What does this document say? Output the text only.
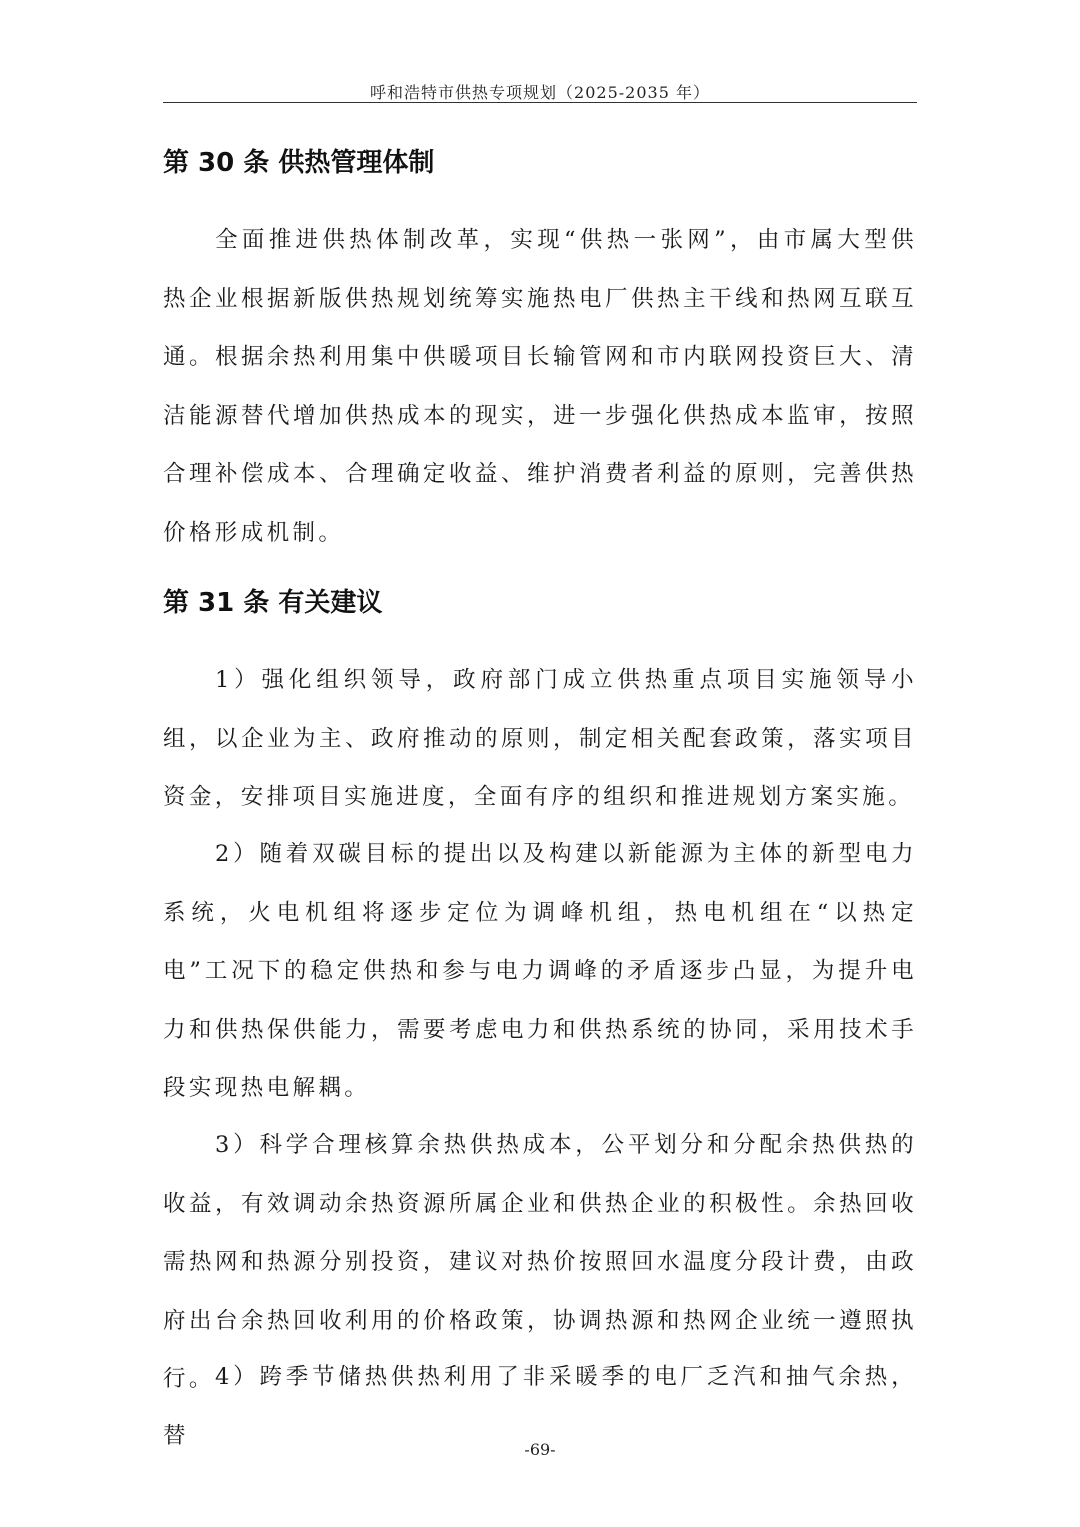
呼和浩特市供热专项规划（2025-2035 年）
第 30 条 供热管理体制

全面推进供热体制改革，实现“供热一张网”，由市属大型供热企业根据新版供热规划统筹实施热电厂供热主干线和热网互联互通。根据余热利用集中供暖项目长输管网和市内联网投资巨大、清洁能源替代增加供热成本的现实，进一步强化供热成本监审，按照合理补偿成本、合理确定收益、维护消费者利益的原则，完善供热价格形成机制。

第 31 条 有关建议

1）强化组织领导，政府部门成立供热重点项目实施领导小组，以企业为主、政府推动的原则，制定相关配套政策，落实项目资金，安排项目实施进度，全面有序的组织和推进规划方案实施。

2）随着双碳目标的提出以及构建以新能源为主体的新型电力系统，火电机组将逐步定位为调峰机组，热电机组在“以热定电”工况下的稳定供热和参与电力调峰的矛盾逐步凸显，为提升电力和供热保供能力，需要考虑电力和供热系统的协同，采用技术手段实现热电解耦。

3）科学合理核算余热供热成本，公平划分和分配余热供热的收益，有效调动余热资源所属企业和供热企业的积极性。余热回收需热网和热源分别投资，建议对热价按照回水温度分段计费，由政府出台余热回收利用的价格政策，协调热源和热网企业统一遵照执行。 4）跨季节储热供热利用了非采暖季的电厂乏汽和抽气余热，替

-69-
